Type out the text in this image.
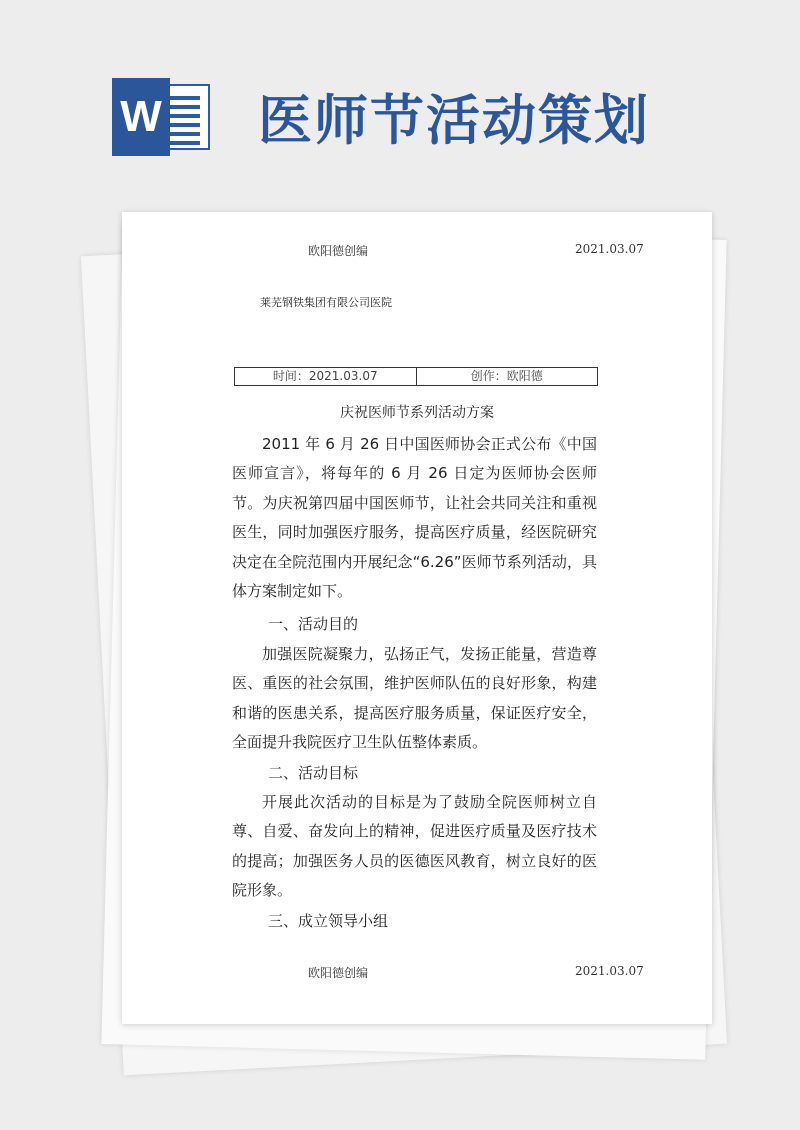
W 医师节活动策划
欧阳德创编	2021.03.07
莱芜钢铁集团有限公司医院
时间：2021.03.07	创作：欧阳德
庆祝医师节系列活动方案

2011 年 6 月 26 日中国医师协会正式公布《中国医师宣言》，将每年的 6 月 26 日定为医师协会医师节。为庆祝第四届中国医师节，让社会共同关注和重视医生，同时加强医疗服务，提高医疗质量，经医院研究决定在全院范围内开展纪念“6.26”医师节系列活动，具体方案制定如下。

一、活动目的

加强医院凝聚力，弘扬正气，发扬正能量，营造尊医、重医的社会氛围，维护医师队伍的良好形象，构建和谐的医患关系，提高医疗服务质量，保证医疗安全，全面提升我院医疗卫生队伍整体素质。

二、活动目标

开展此次活动的目标是为了鼓励全院医师树立自尊、自爱、奋发向上的精神，促进医疗质量及医疗技术的提高；加强医务人员的医德医风教育，树立良好的医院形象。

三、成立领导小组
欧阳德创编	2021.03.07
